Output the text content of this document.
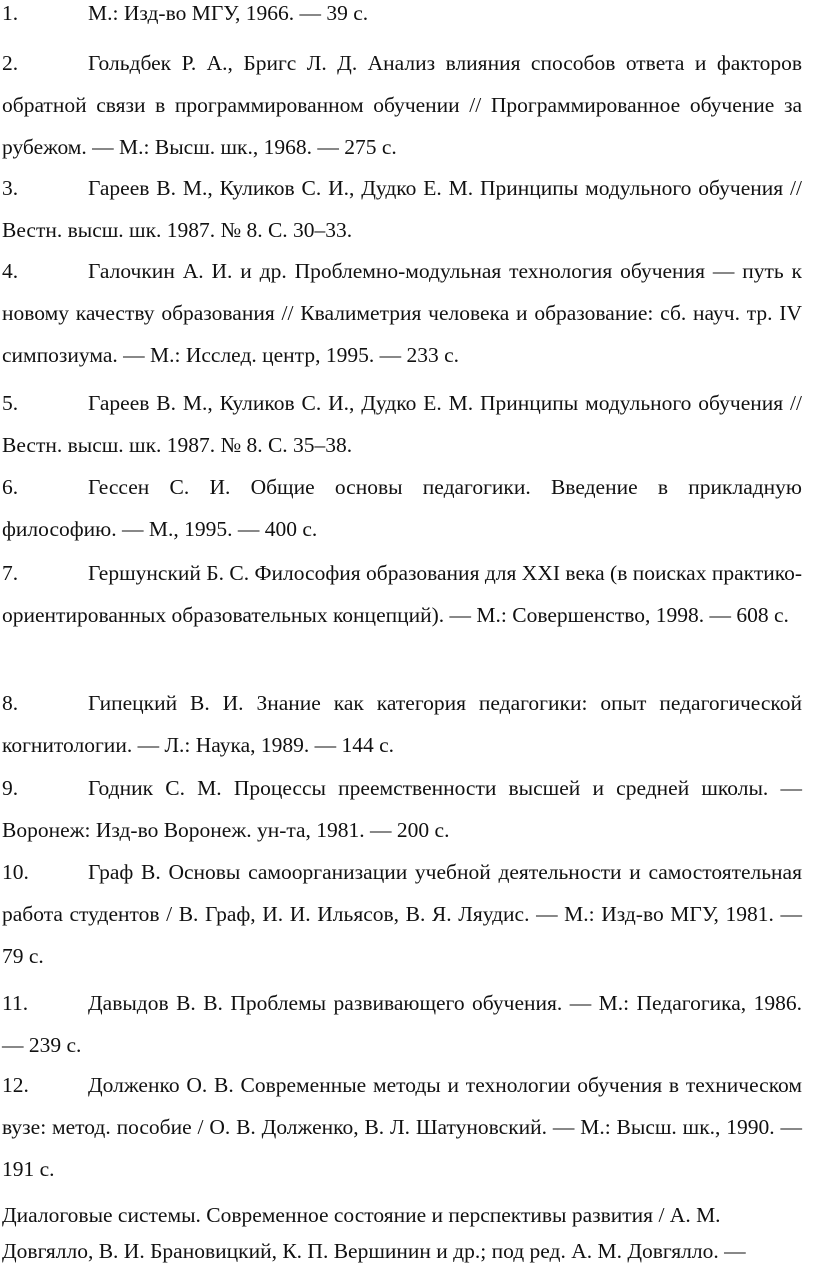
1.	М.: Изд-во МГУ, 1966. — 39 с.
2.	Гольдбек Р. А., Бригс Л. Д. Анализ влияния способов ответа и факторов обратной связи в программированном обучении // Программированное обучение за рубежом. — М.: Высш. шк., 1968. — 275 с.
3.	Гареев В. М., Куликов С. И., Дудко Е. М. Принципы модульного обучения //Вестн. высш. шк. 1987. № 8. С. 30–33.
4.	Галочкин А. И. и др. Проблемно-модульная технология обучения — путь к новому качеству образования // Квалиметрия человека и образование: сб. науч. тр. IV симпозиума. — М.: Исслед. центр, 1995. — 233 с.
5.	Гареев В. М., Куликов С. И., Дудко Е. М. Принципы модульного обучения //Вестн. высш. шк. 1987. № 8. С. 35–38.
6.	Гессен С. И. Общие основы педагогики. Введение в прикладную философию. — М., 1995. — 400 с.
7.	Гершунский Б. С. Философия образования для XXI века (в поисках практико-ориентированных образовательных концепций). — М.: Совершенство, 1998. — 608 с.
8.	Гипецкий В. И. Знание как категория педагогики: опыт педагогической когнитологии. — Л.: Наука, 1989. — 144 с.
9.	Годник С. М. Процессы преемственности высшей и средней школы. — Воронеж: Изд-во Воронеж. ун-та, 1981. — 200 с.
10.	Граф В. Основы самоорганизации учебной деятельности и самостоятельная работа студентов / В. Граф, И. И. Ильясов, В. Я. Ляудис. — М.: Изд-во МГУ, 1981. — 79 с.
11.	Давыдов В. В. Проблемы развивающего обучения. — М.: Педагогика, 1986. — 239 с.
12.	Долженко О. В. Современные методы и технологии обучения в техническом вузе: метод. пособие / О. В. Долженко, В. Л. Шатуновский. — М.: Высш. шк., 1990. — 191 с.
Диалоговые системы. Современное состояние и перспективы развития / А. М. Довгялло, В. И. Брановицкий, К. П. Вершинин и др.; под ред. А. М. Довгялло. —
